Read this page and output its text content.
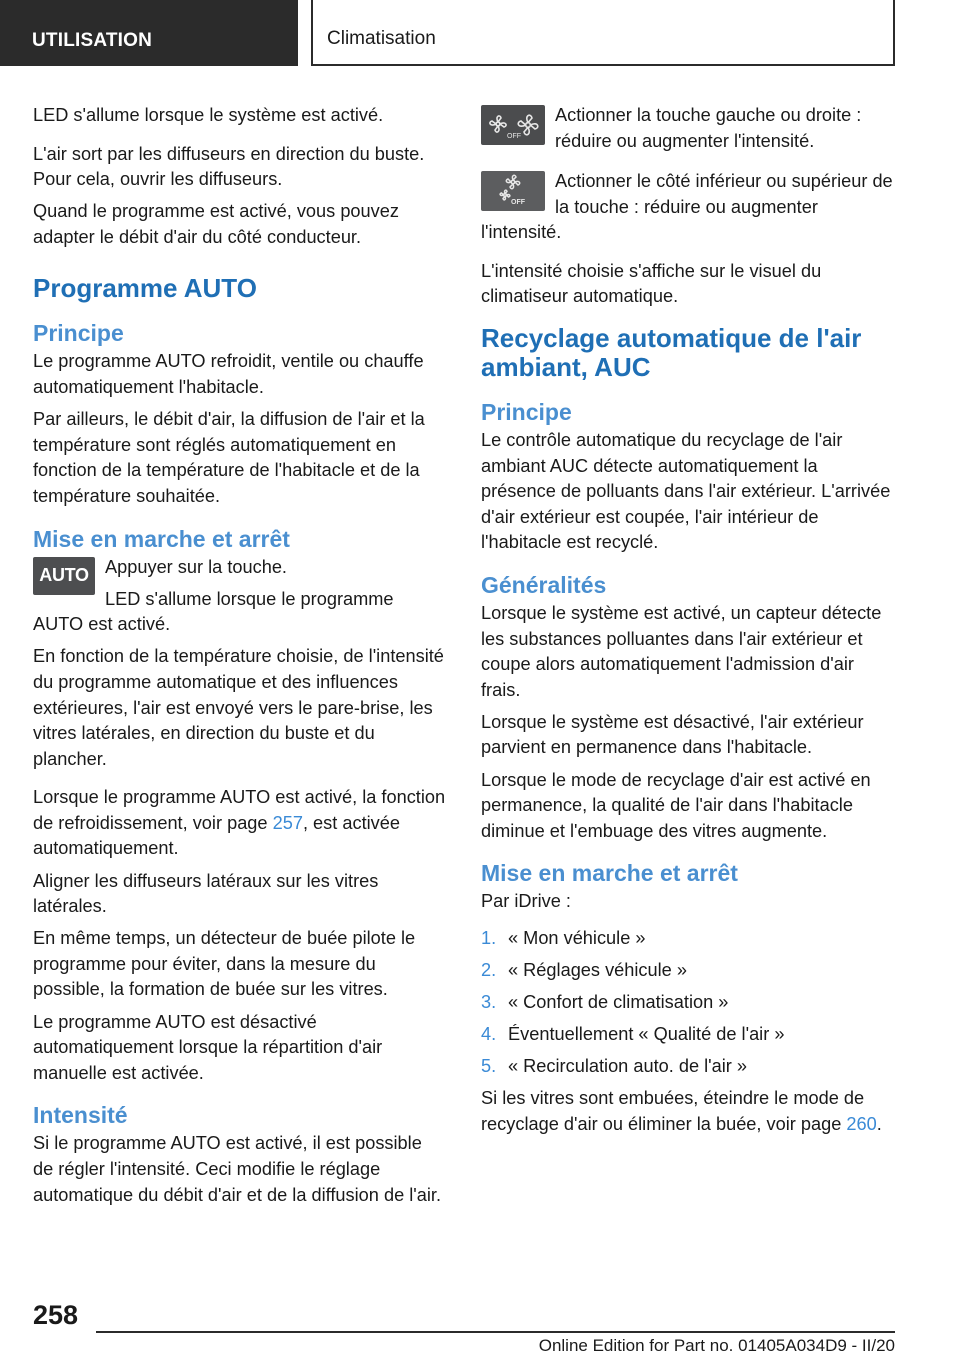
UTILISATION	Climatisation

LED s'allume lorsque le système est activé.

L'air sort par les diffuseurs en direction du buste. Pour cela, ouvrir les diffuseurs.

Quand le programme est activé, vous pouvez adapter le débit d'air du côté conducteur.

Programme AUTO
Principe

Le programme AUTO refroidit, ventile ou chauffe automatiquement l'habitacle.

Par ailleurs, le débit d'air, la diffusion de l'air et la température sont réglés automatiquement en fonction de la température de l'habitacle et de la température souhaitée.

Mise en marche et arrêt
AUTO Appuyer sur la touche.

LED s'allume lorsque le programme AUTO est activé.

En fonction de la température choisie, de l'intensité du programme automatique et des influences extérieures, l'air est envoyé vers le pare-brise, les vitres latérales, en direction du buste et du plancher.

Lorsque le programme AUTO est activé, la fonction de refroidissement, voir page 257, est activée automatiquement.

Aligner les diffuseurs latéraux sur les vitres latérales.

En même temps, un détecteur de buée pilote le programme pour éviter, dans la mesure du possible, la formation de buée sur les vitres.

Le programme AUTO est désactivé automatiquement lorsque la répartition d'air manuelle est activée.

Intensité

Si le programme AUTO est activé, il est possible de régler l'intensité. Ceci modifie le réglage automatique du débit d'air et de la diffusion de l'air.

OFF

Actionner la touche gauche ou droite : réduire ou augmenter l'intensité.

OFF

Actionner le côté inférieur ou supérieur de la touche : réduire ou augmenter l'intensité.

L'intensité choisie s'affiche sur le visuel du climatiseur automatique.

Recyclage automatique de l'air ambiant, AUC
Principe

Le contrôle automatique du recyclage de l'air ambiant AUC détecte automatiquement la présence de polluants dans l'air extérieur. L'arrivée d'air extérieur est coupée, l'air intérieur de l'habitacle est recyclé.

Généralités

Lorsque le système est activé, un capteur détecte les substances polluantes dans l'air extérieur et coupe alors automatiquement l'admission d'air frais.

Lorsque le système est désactivé, l'air extérieur parvient en permanence dans l'habitacle.

Lorsque le mode de recyclage d'air est activé en permanence, la qualité de l'air dans l'habitacle diminue et l'embuage des vitres augmente.

Mise en marche et arrêt

Par iDrive :

1. « Mon véhicule »
2. « Réglages véhicule »
3. « Confort de climatisation »
4. Éventuellement « Qualité de l'air »
5. « Recirculation auto. de l'air »

Si les vitres sont embuées, éteindre le mode de recyclage d'air ou éliminer la buée, voir page 260.

258
Online Edition for Part no. 01405A034D9 - II/20
